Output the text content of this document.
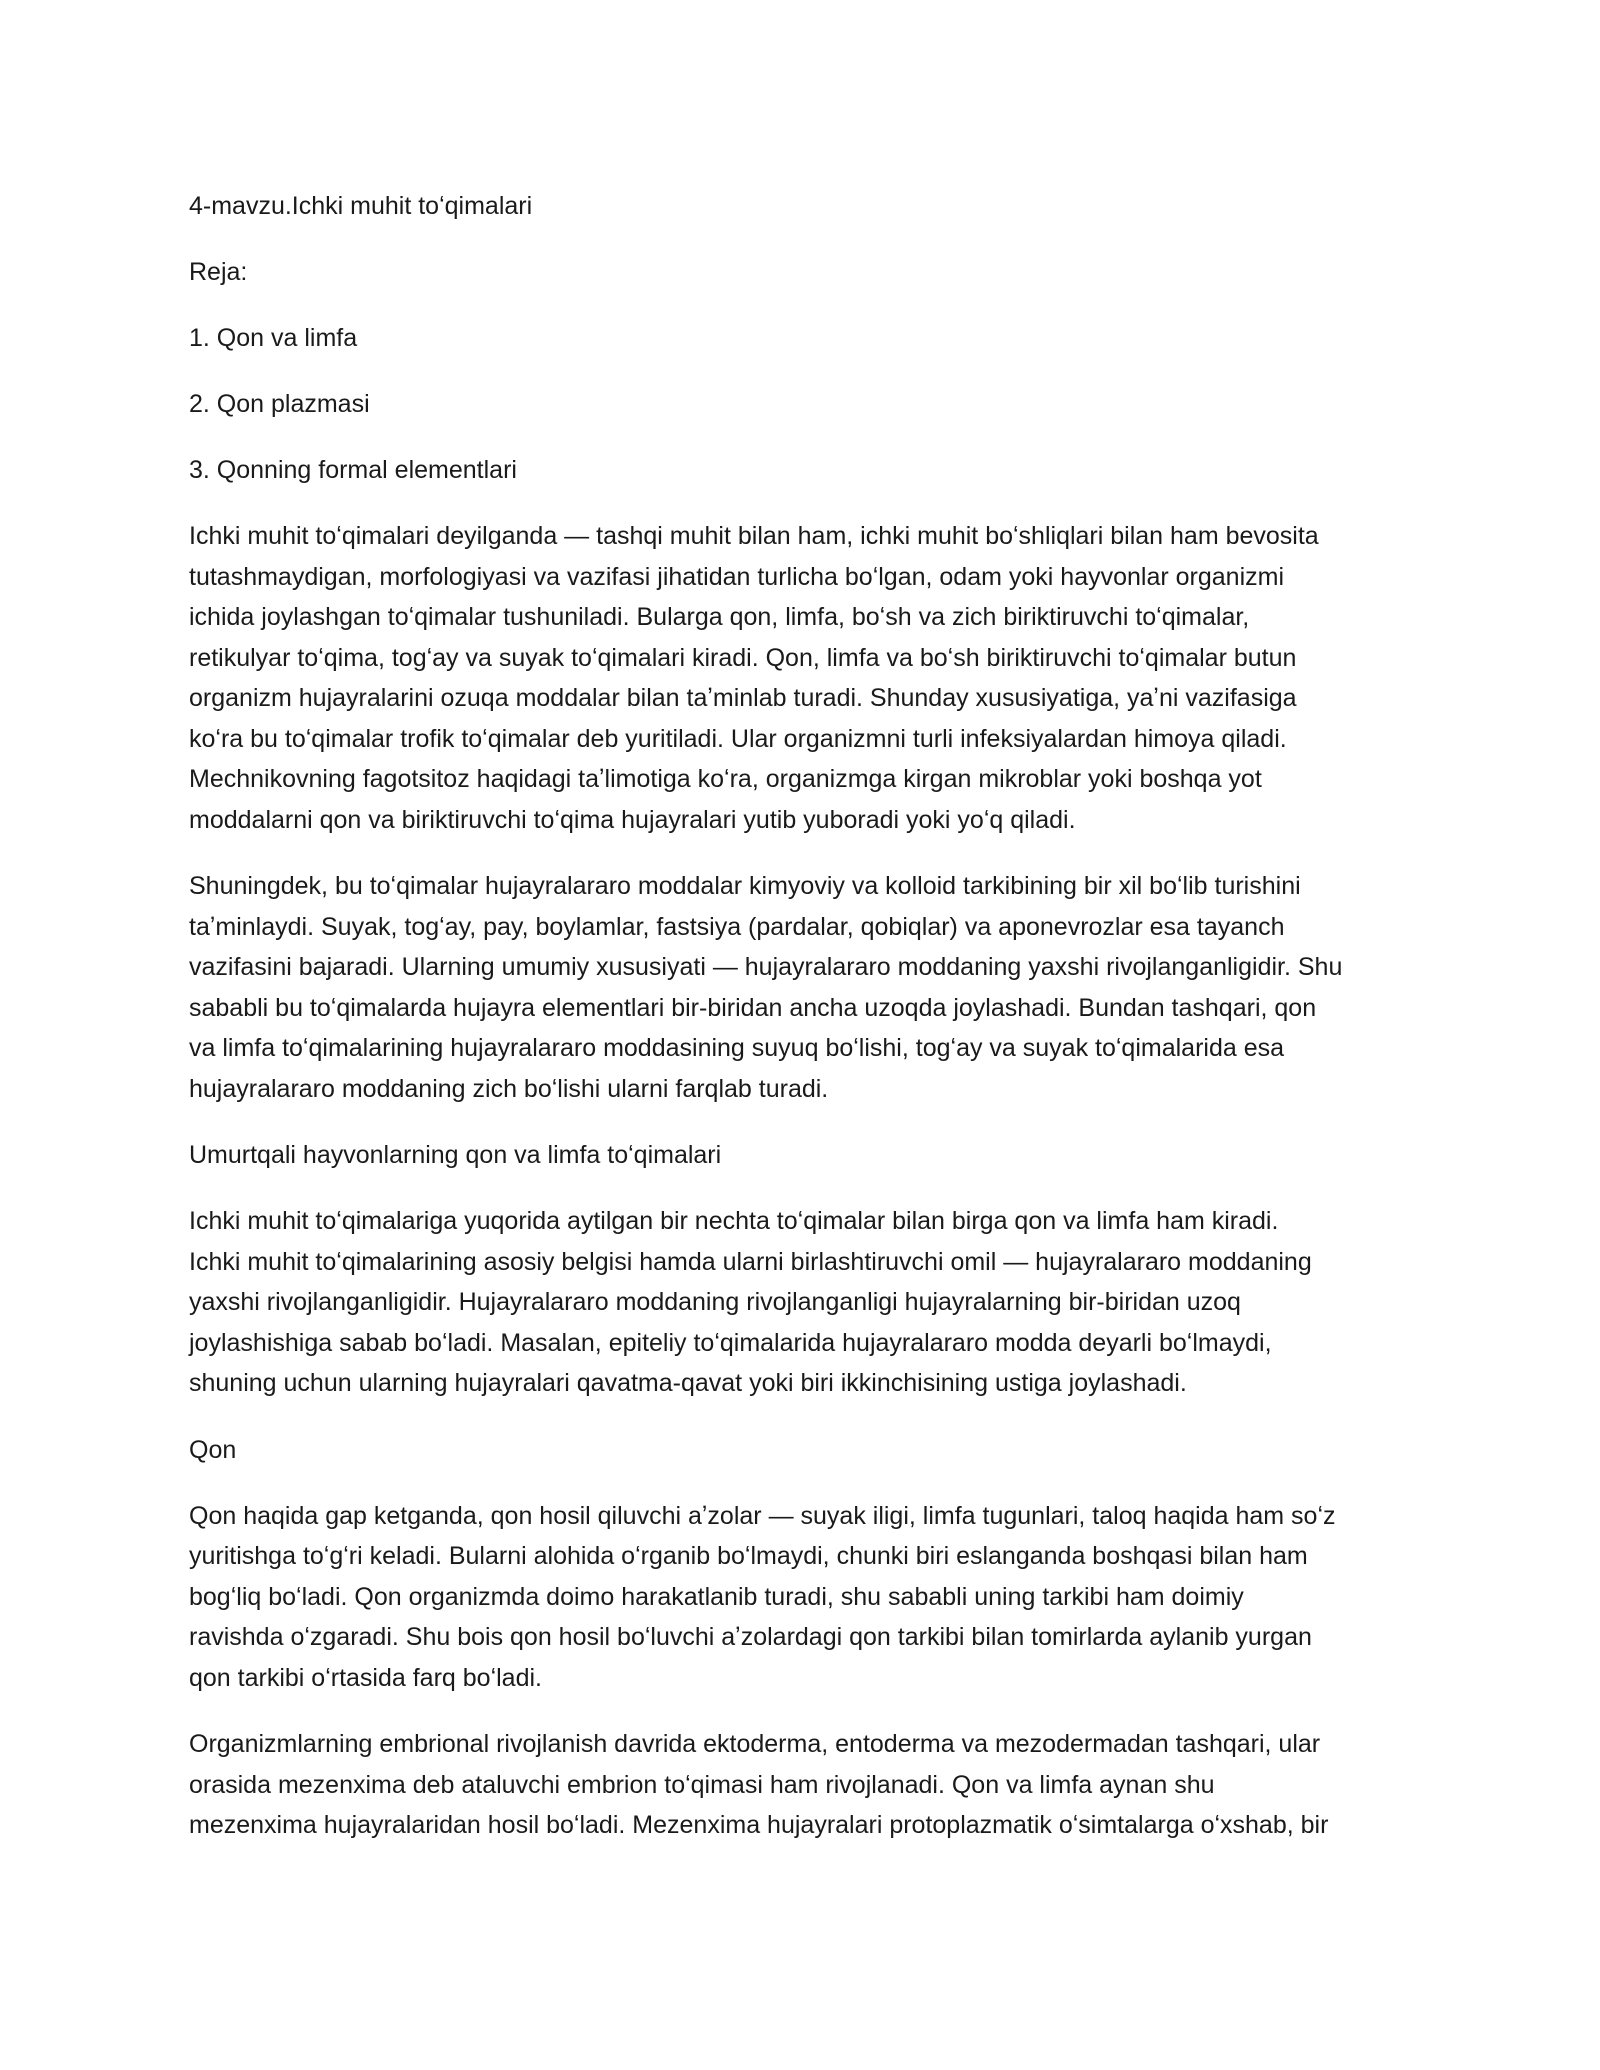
4-mavzu.Ichki muhit toʻqimalari
Reja:
1. Qon va limfa
2. Qon plazmasi
3. Qonning formal elementlari
Ichki muhit toʻqimalari deyilganda — tashqi muhit bilan ham, ichki muhit boʻshliqlari bilan ham bevosita
tutashmaydigan, morfologiyasi va vazifasi jihatidan turlicha boʻlgan, odam yoki hayvonlar organizmi
ichida joylashgan toʻqimalar tushuniladi. Bularga qon, limfa, boʻsh va zich biriktiruvchi toʻqimalar,
retikulyar toʻqima, togʻay va suyak toʻqimalari kiradi. Qon, limfa va boʻsh biriktiruvchi toʻqimalar butun
organizm hujayralarini ozuqa moddalar bilan taʼminlab turadi. Shunday xususiyatiga, yaʼni vazifasiga
koʻra bu toʻqimalar trofik toʻqimalar deb yuritiladi. Ular organizmni turli infeksiyalardan himoya qiladi.
Mechnikovning fagotsitoz haqidagi taʼlimotiga koʻra, organizmga kirgan mikroblar yoki boshqa yot
moddalarni qon va biriktiruvchi toʻqima hujayralari yutib yuboradi yoki yoʻq qiladi.
Shuningdek, bu toʻqimalar hujayralararo moddalar kimyoviy va kolloid tarkibining bir xil boʻlib turishini
taʼminlaydi. Suyak, togʻay, pay, boylamlar, fastsiya (pardalar, qobiqlar) va aponevrozlar esa tayanch
vazifasini bajaradi. Ularning umumiy xususiyati — hujayralararo moddaning yaxshi rivojlanganligidir. Shu
sababli bu toʻqimalarda hujayra elementlari bir-biridan ancha uzoqda joylashadi. Bundan tashqari, qon
va limfa toʻqimalarining hujayralararo moddasining suyuq boʻlishi, togʻay va suyak toʻqimalarida esa
hujayralararo moddaning zich boʻlishi ularni farqlab turadi.
Umurtqali hayvonlarning qon va limfa toʻqimalari
Ichki muhit toʻqimalariga yuqorida aytilgan bir nechta toʻqimalar bilan birga qon va limfa ham kiradi.
Ichki muhit toʻqimalarining asosiy belgisi hamda ularni birlashtiruvchi omil — hujayralararo moddaning
yaxshi rivojlanganligidir. Hujayralararo moddaning rivojlanganligi hujayralarning bir-biridan uzoq
joylashishiga sabab boʻladi. Masalan, epiteliy toʻqimalarida hujayralararo modda deyarli boʻlmaydi,
shuning uchun ularning hujayralari qavatma-qavat yoki biri ikkinchisining ustiga joylashadi.
Qon
Qon haqida gap ketganda, qon hosil qiluvchi aʼzolar — suyak iligi, limfa tugunlari, taloq haqida ham soʻz
yuritishga toʻgʻri keladi. Bularni alohida oʻrganib boʻlmaydi, chunki biri eslanganda boshqasi bilan ham
bogʻliq boʻladi. Qon organizmda doimo harakatlanib turadi, shu sababli uning tarkibi ham doimiy
ravishda oʻzgaradi. Shu bois qon hosil boʻluvchi aʼzolardagi qon tarkibi bilan tomirlarda aylanib yurgan
qon tarkibi oʻrtasida farq boʻladi.
Organizmlarning embrional rivojlanish davrida ektoderma, entoderma va mezodermadan tashqari, ular
orasida mezenxima deb ataluvchi embrion toʻqimasi ham rivojlanadi. Qon va limfa aynan shu
mezenxima hujayralaridan hosil boʻladi. Mezenxima hujayralari protoplazmatik oʻsimtalarga oʻxshab, bir
